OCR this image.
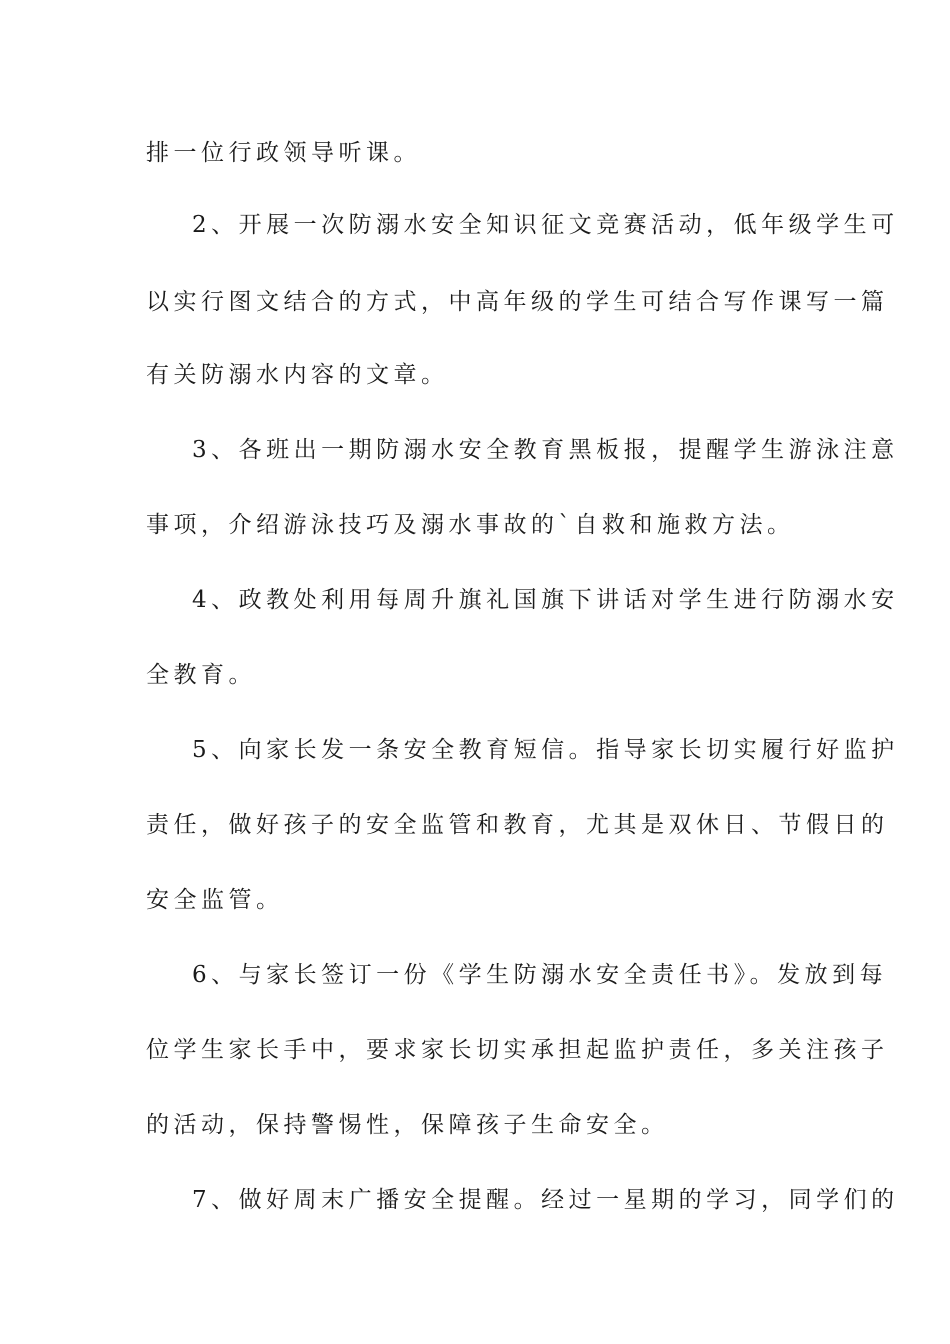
排一位行政领导听课。
2、开展一次防溺水安全知识征文竞赛活动，低年级学生可
以实行图文结合的方式，中高年级的学生可结合写作课写一篇
有关防溺水内容的文章。
3、各班出一期防溺水安全教育黑板报，提醒学生游泳注意
事项，介绍游泳技巧及溺水事故的`自救和施救方法。
4、政教处利用每周升旗礼国旗下讲话对学生进行防溺水安
全教育。
5、向家长发一条安全教育短信。指导家长切实履行好监护
责任，做好孩子的安全监管和教育，尤其是双休日、节假日的
安全监管。
6、与家长签订一份《学生防溺水安全责任书》。发放到每
位学生家长手中，要求家长切实承担起监护责任，多关注孩子
的活动，保持警惕性，保障孩子生命安全。
7、做好周末广播安全提醒。经过一星期的学习，同学们的
